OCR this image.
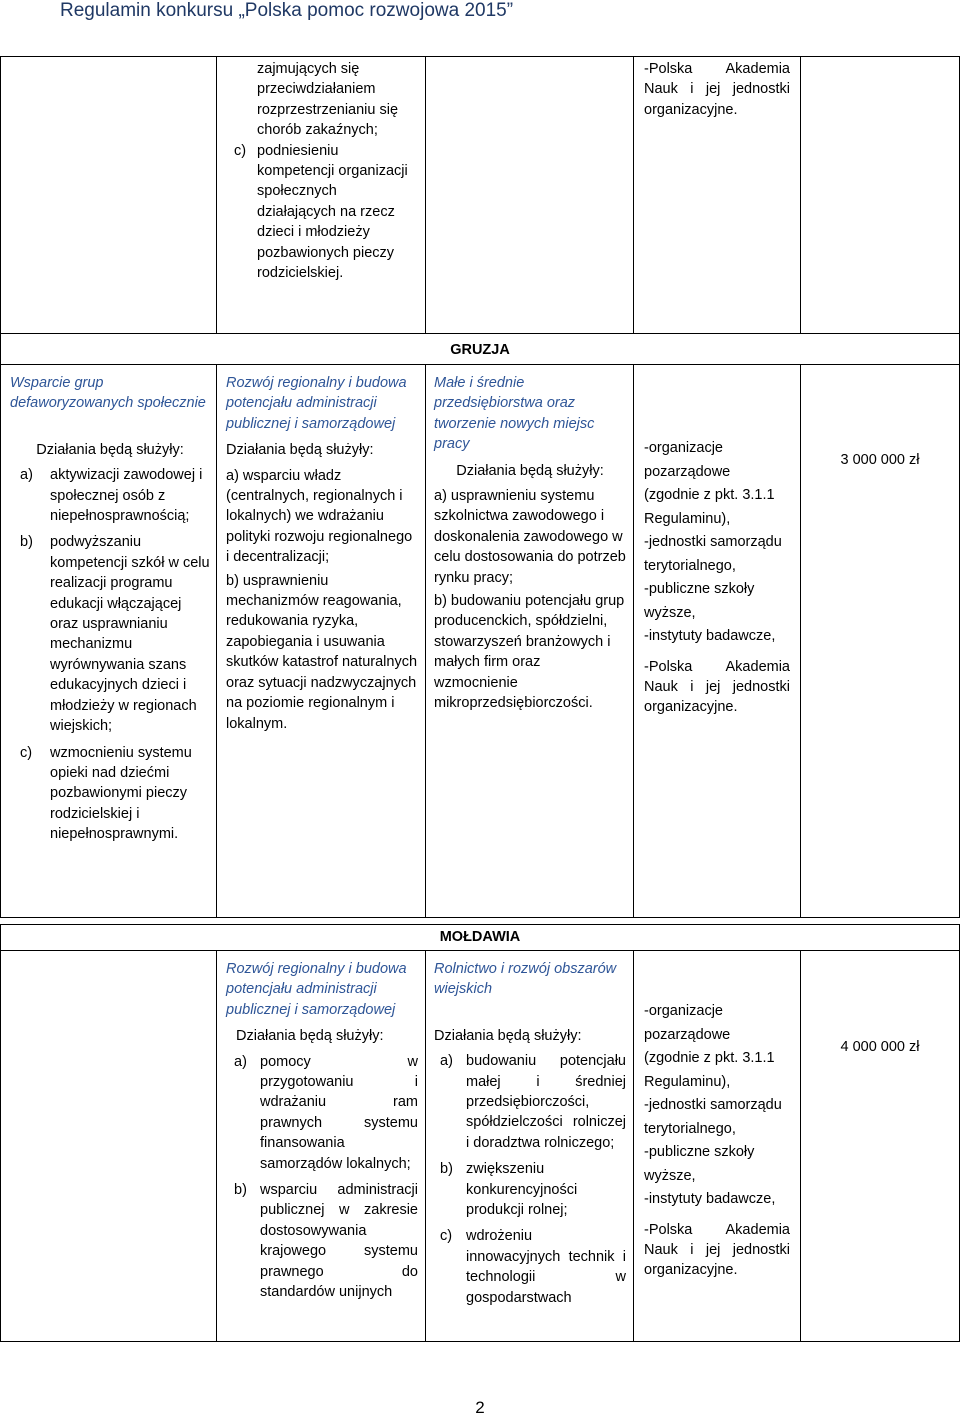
Regulamin konkursu „Polska pomoc rozwojowa 2015”
zajmujących się przeciwdziałaniem rozprzestrzenianiu się chorób zakaźnych;
c) podniesieniu kompetencji organizacji społecznych działających na rzecz dzieci i młodzieży pozbawionych pieczy rodzicielskiej.
-Polska Akademia Nauk i jej jednostki organizacyjne.
GRUZJA
Wsparcie grup defaworyzowanych społecznie
Działania będą służyły:
a) aktywizacji zawodowej i społecznej osób z niepełnosprawnością;
b) podwyższaniu kompetencji szkół w celu realizacji programu edukacji włączającej oraz usprawnianiu mechanizmu wyrównywania szans edukacyjnych dzieci i młodzieży w regionach wiejskich;
c) wzmocnieniu systemu opieki nad dziećmi pozbawionymi pieczy rodzicielskiej i niepełnosprawnymi.
Rozwój regionalny i budowa potencjału administracji publicznej i samorządowej
Działania będą służyły:
a) wsparciu władz (centralnych, regionalnych i lokalnych) we wdrażaniu polityki rozwoju regionalnego i decentralizacji;
b) usprawnieniu mechanizmów reagowania, redukowania ryzyka, zapobiegania i usuwania skutków katastrof naturalnych oraz sytuacji nadzwyczajnych na poziomie regionalnym i lokalnym.
Małe i średnie przedsiębiorstwa oraz tworzenie nowych miejsc pracy
Działania będą służyły:
a) usprawnieniu systemu szkolnictwa zawodowego i doskonalenia zawodowego w celu dostosowania do potrzeb rynku pracy;
b) budowaniu potencjału grup producenckich, spółdzielni, stowarzyszeń branżowych i małych firm oraz wzmocnienie mikroprzedsiębiorczości.
-organizacje pozarządowe
(zgodnie z pkt. 3.1.1 Regulaminu),
-jednostki samorządu terytorialnego,
-publiczne szkoły wyższe,
-instytuty badawcze,
-Polska Akademia Nauk i jej jednostki organizacyjne.
3 000 000 zł
MOŁDAWIA
Rozwój regionalny i budowa potencjału administracji publicznej i samorządowej
Działania będą służyły:
a) pomocy w przygotowaniu i wdrażaniu ram prawnych systemu finansowania samorządów lokalnych;
b) wsparciu administracji publicznej w zakresie dostosowywania krajowego systemu prawnego do standardów unijnych
Rolnictwo i rozwój obszarów wiejskich
Działania będą służyły:
a) budowaniu potencjału małej i średniej przedsiębiorczości, spółdzielczości rolniczej i doradztwa rolniczego;
b) zwiększeniu konkurencyjności produkcji rolnej;
c) wdrożeniu innowacyjnych technik i technologii w gospodarstwach
-organizacje pozarządowe
(zgodnie z pkt. 3.1.1 Regulaminu),
-jednostki samorządu terytorialnego,
-publiczne szkoły wyższe,
-instytuty badawcze,
-Polska Akademia Nauk i jej jednostki organizacyjne.
4 000 000 zł
2
